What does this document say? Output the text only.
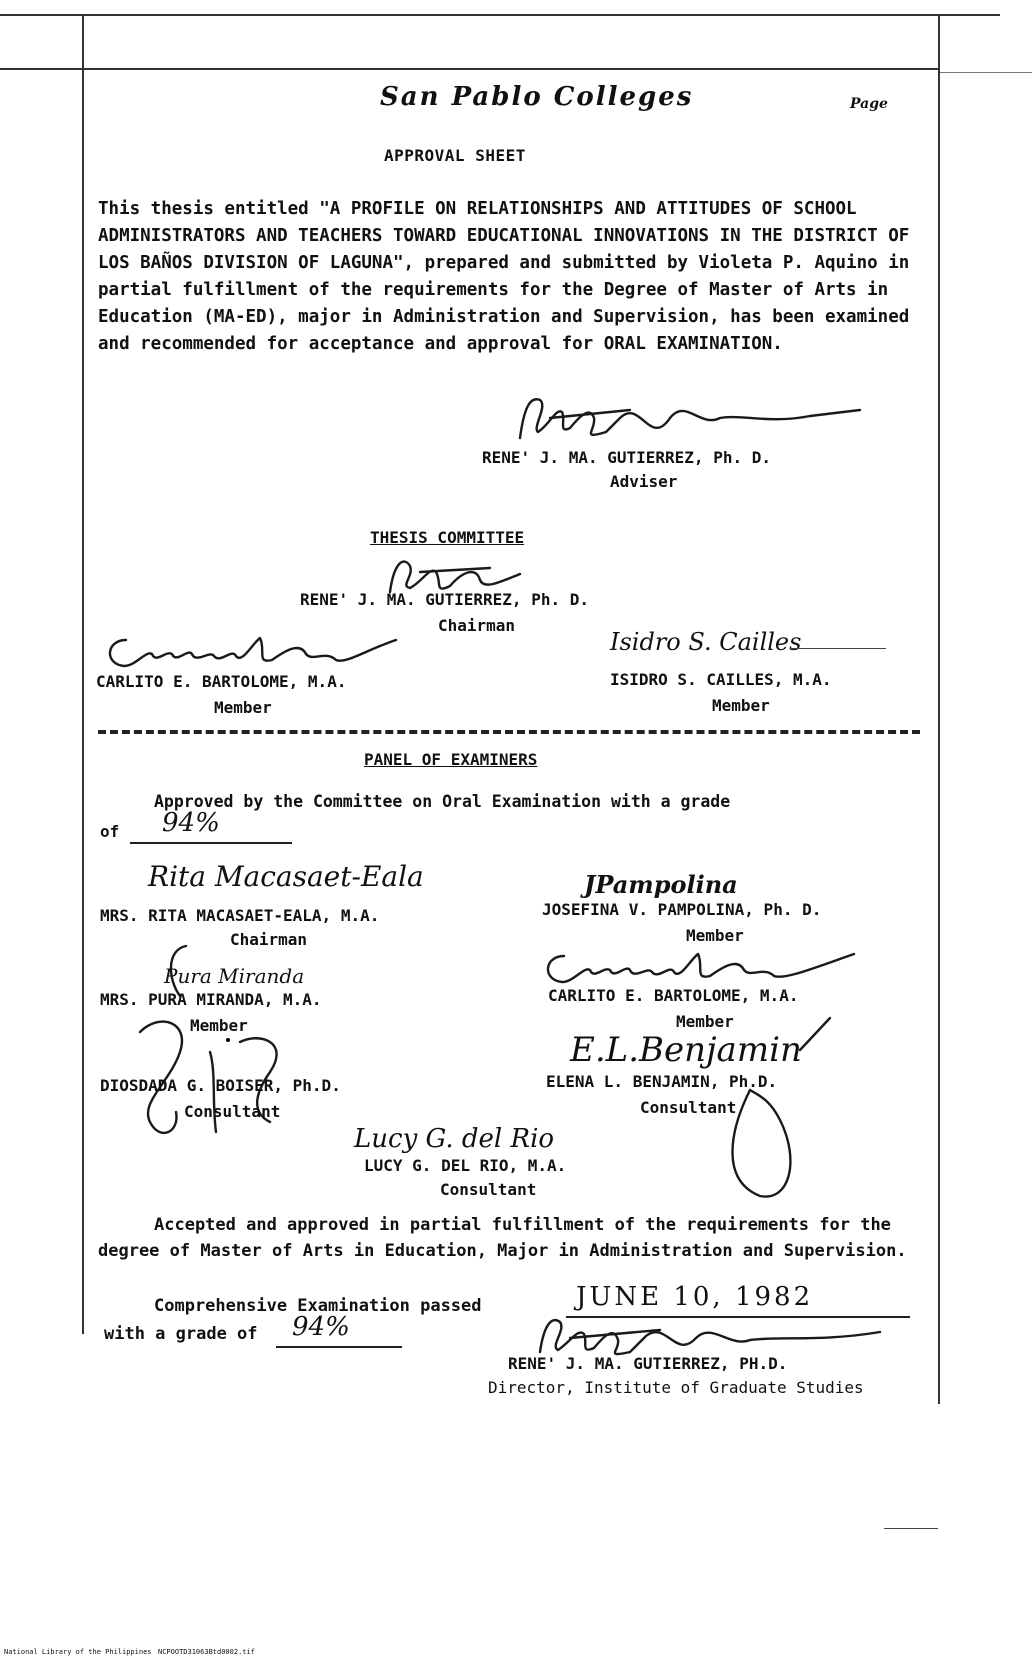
San Pablo Colleges	Page
APPROVAL SHEET

This thesis entitled "A PROFILE ON RELATIONSHIPS AND ATTITUDES OF SCHOOL ADMINISTRATORS AND TEACHERS TOWARD EDUCATIONAL INNOVATIONS IN THE DISTRICT OF LOS BAÑOS DIVISION OF LAGUNA", prepared and submitted by Violeta P. Aquino in partial fulfillment of the requirements for the Degree of Master of Arts in Education (MA-ED), major in Administration and Supervision, has been examined and recommended for acceptance and approval for ORAL EXAMINATION.

RENE' J. MA. GUTIERREZ, Ph. D.
Adviser
THESIS COMMITTEE
RENE' J. MA. GUTIERREZ, Ph. D.
Chairman
CARLITO E. BARTOLOME, M.A.
Member
Isidro S. Cailles
ISIDRO S. CAILLES, M.A.
Member
PANEL OF EXAMINERS
Approved by the Committee on Oral Examination with a grade
of 94%
Rita Macasaet-Eala
MRS. RITA MACASAET-EALA, M.A.
Chairman
JPampolina
JOSEFINA V. PAMPOLINA, Ph. D.
Member
Pura Miranda
MRS. PURA MIRANDA, M.A.
Member
CARLITO E. BARTOLOME, M.A.
Member
DIOSDADA G. BOISER, Ph.D.
Consultant
E.L.Benjamin
ELENA L. BENJAMIN, Ph.D.
Consultant
Lucy G. del Rio
LUCY G. DEL RIO, M.A.
Consultant

Accepted and approved in partial fulfillment of the requirements for the degree of Master of Arts in Education, Major in Administration and Supervision.

Comprehensive Examination passed	JUNE 10, 1982
with a grade of 94%
RENE' J. MA. GUTIERREZ, PH.D.
Director, Institute of Graduate Studies
National Library of the Philippines NCPOOTD31063Btd0002.tif
